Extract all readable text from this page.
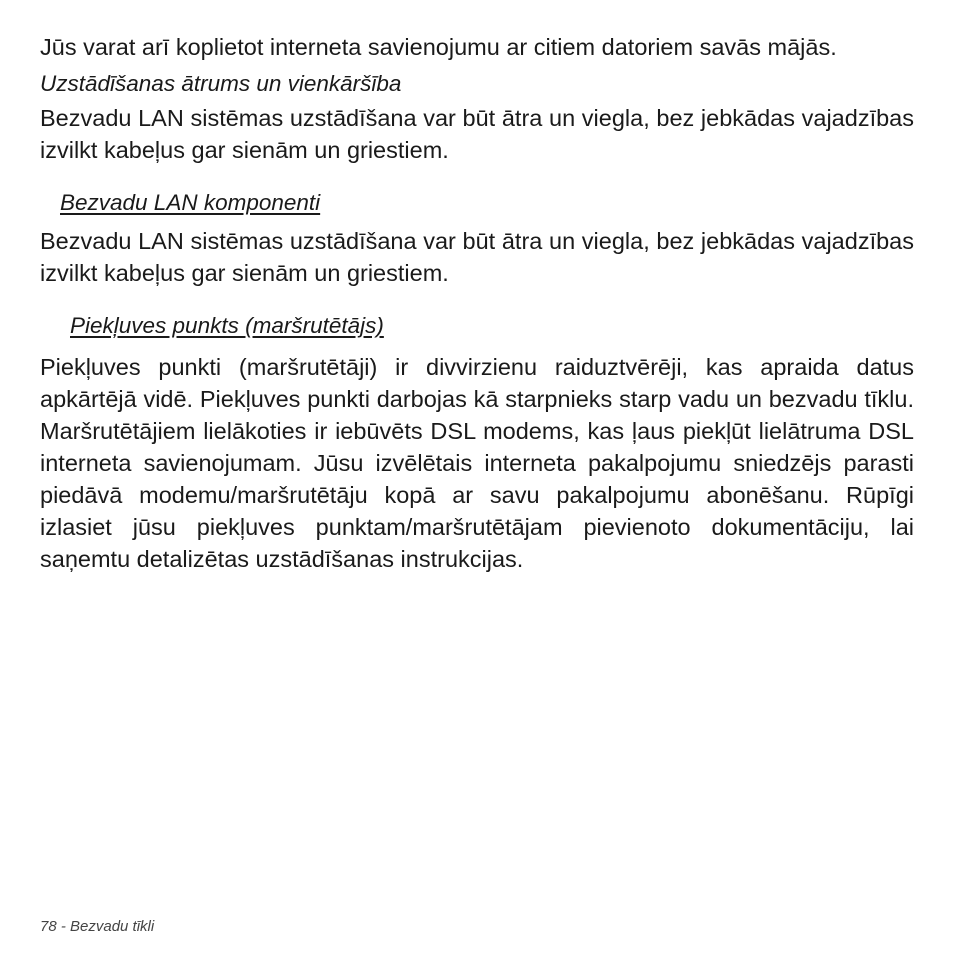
Jūs varat arī koplietot interneta savienojumu ar citiem datoriem savās mājās.

Uzstādīšanas ātrums un vienkāršība

Bezvadu LAN sistēmas uzstādīšana var būt ātra un viegla, bez jebkādas vajadzības izvilkt kabeļus gar sienām un griestiem.

Bezvadu LAN komponenti

Bezvadu LAN sistēmas uzstādīšana var būt ātra un viegla, bez jebkādas vajadzības izvilkt kabeļus gar sienām un griestiem.

Piekļuves punkts (maršrutētājs)

Piekļuves punkti (maršrutētāji) ir divvirzienu raiduztvērēji, kas apraida datus apkārtējā vidē. Piekļuves punkti darbojas kā starpnieks starp vadu un bezvadu tīklu. Maršrutētājiem lielākoties ir iebūvēts DSL modems, kas ļaus piekļūt lielātruma DSL interneta savienojumam. Jūsu izvēlētais interneta pakalpojumu sniedzējs parasti piedāvā modemu/maršrutētāju kopā ar savu pakalpojumu abonēšanu. Rūpīgi izlasiet jūsu piekļuves punktam/maršrutētājam pievienoto dokumentāciju, lai saņemtu detalizētas uzstādīšanas instrukcijas.

78 - Bezvadu tīkli
